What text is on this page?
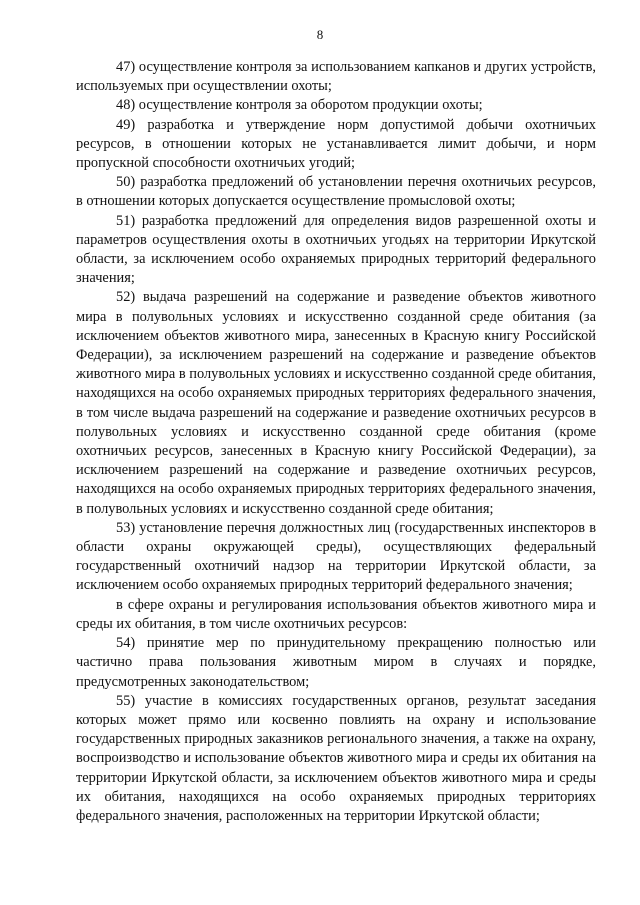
8

47) осуществление контроля за использованием капканов и других устройств, используемых при осуществлении охоты;

48) осуществление контроля за оборотом продукции охоты;

49) разработка и утверждение норм допустимой добычи охотничьих ресурсов, в отношении которых не устанавливается лимит добычи, и норм пропускной способности охотничьих угодий;

50) разработка предложений об установлении перечня охотничьих ресурсов, в отношении которых допускается осуществление промысловой охоты;

51) разработка предложений для определения видов разрешенной охоты и параметров осуществления охоты в охотничьих угодьях на территории Иркутской области, за исключением особо охраняемых природных территорий федерального значения;

52) выдача разрешений на содержание и разведение объектов животного мира в полувольных условиях и искусственно созданной среде обитания (за исключением объектов животного мира, занесенных в Красную книгу Российской Федерации), за исключением разрешений на содержание и разведение объектов животного мира в полувольных условиях и искусственно созданной среде обитания, находящихся на особо охраняемых природных территориях федерального значения, в том числе выдача разрешений на содержание и разведение охотничьих ресурсов в полувольных условиях и искусственно созданной среде обитания (кроме охотничьих ресурсов, занесенных в Красную книгу Российской Федерации), за исключением разрешений на содержание и разведение охотничьих ресурсов, находящихся на особо охраняемых природных территориях федерального значения, в полувольных условиях и искусственно созданной среде обитания;

53) установление перечня должностных лиц (государственных инспекторов в области охраны окружающей среды), осуществляющих федеральный государственный охотничий надзор на территории Иркутской области, за исключением особо охраняемых природных территорий федерального значения;

в сфере охраны и регулирования использования объектов животного мира и среды их обитания, в том числе охотничьих ресурсов:

54) принятие мер по принудительному прекращению полностью или частично права пользования животным миром в случаях и порядке, предусмотренных законодательством;

55) участие в комиссиях государственных органов, результат заседания которых может прямо или косвенно повлиять на охрану и использование государственных природных заказников регионального значения, а также на охрану, воспроизводство и использование объектов животного мира и среды их обитания на территории Иркутской области, за исключением объектов животного мира и среды их обитания, находящихся на особо охраняемых природных территориях федерального значения, расположенных на территории Иркутской области;
